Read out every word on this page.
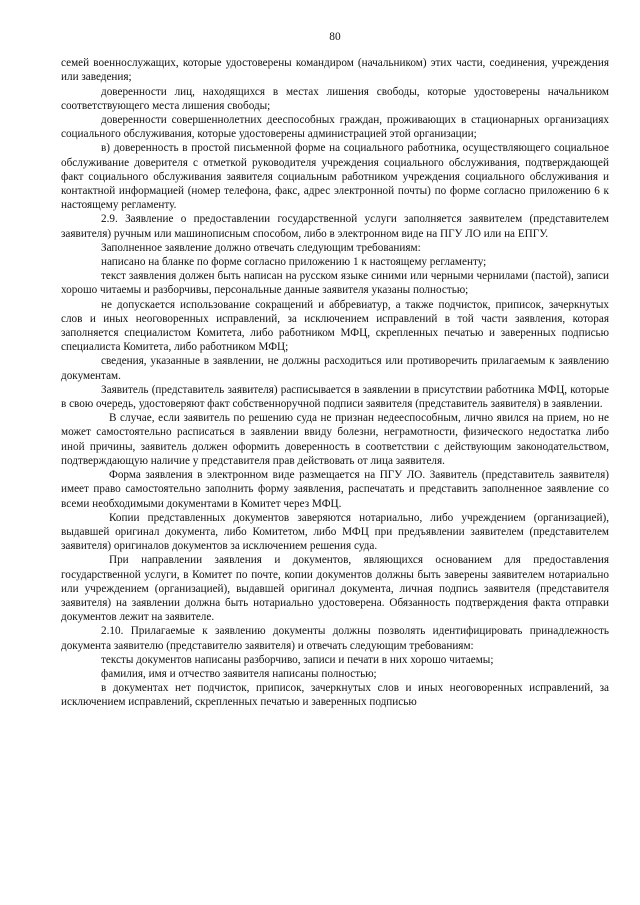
80

семей военнослужащих, которые удостоверены командиром (начальником) этих части, соединения, учреждения или заведения;

доверенности лиц, находящихся в местах лишения свободы, которые удостоверены начальником соответствующего места лишения свободы;

доверенности совершеннолетних дееспособных граждан, проживающих в стационарных организациях социального обслуживания, которые удостоверены администрацией этой организации;

в) доверенность в простой письменной форме на социального работника, осуществляющего социальное обслуживание доверителя с отметкой руководителя учреждения социального обслуживания, подтверждающей факт социального обслуживания заявителя социальным работником учреждения социального обслуживания и контактной информацией (номер телефона, факс, адрес электронной почты) по форме согласно приложению 6 к настоящему регламенту.

2.9. Заявление о предоставлении государственной услуги заполняется заявителем (представителем заявителя) ручным или машинописным способом, либо в электронном виде на ПГУ ЛО или на ЕПГУ.

Заполненное заявление должно отвечать следующим требованиям:

написано на бланке по форме согласно приложению 1 к настоящему регламенту;

текст заявления должен быть написан на русском языке синими или черными чернилами (пастой), записи хорошо читаемы и разборчивы, персональные данные заявителя указаны полностью;

не допускается использование сокращений и аббревиатур, а также подчисток, приписок, зачеркнутых слов и иных неоговоренных исправлений, за исключением исправлений в той части заявления, которая заполняется специалистом Комитета, либо работником МФЦ, скрепленных печатью и заверенных подписью специалиста Комитета, либо работником МФЦ;

сведения, указанные в заявлении, не должны расходиться или противоречить прилагаемым к заявлению документам.

Заявитель (представитель заявителя) расписывается в заявлении в присутствии работника МФЦ, которые в свою очередь, удостоверяют факт собственноручной подписи заявителя (представитель заявителя) в заявлении.

В случае, если заявитель по решению суда не признан недееспособным, лично явился на прием, но не может самостоятельно расписаться в заявлении ввиду болезни, неграмотности, физического недостатка либо иной причины, заявитель должен оформить доверенность в соответствии с действующим законодательством, подтверждающую наличие у представителя прав действовать от лица заявителя.

Форма заявления в электронном виде размещается на ПГУ ЛО. Заявитель (представитель заявителя) имеет право самостоятельно заполнить форму заявления, распечатать и представить заполненное заявление со всеми необходимыми документами в Комитет через МФЦ.

Копии представленных документов заверяются нотариально, либо учреждением (организацией), выдавшей оригинал документа, либо Комитетом, либо МФЦ при предъявлении заявителем (представителем заявителя) оригиналов документов за исключением решения суда.

При направлении заявления и документов, являющихся основанием для предоставления государственной услуги, в Комитет по почте, копии документов должны быть заверены заявителем нотариально или учреждением (организацией), выдавшей оригинал документа, личная подпись заявителя (представителя заявителя) на заявлении должна быть нотариально удостоверена. Обязанность подтверждения факта отправки документов лежит на заявителе.

2.10. Прилагаемые к заявлению документы должны позволять идентифицировать принадлежность документа заявителю (представителю заявителя) и отвечать следующим требованиям:

тексты документов написаны разборчиво, записи и печати в них хорошо читаемы;

фамилия, имя и отчество заявителя написаны полностью;

в документах нет подчисток, приписок, зачеркнутых слов и иных неоговоренных исправлений, за исключением исправлений, скрепленных печатью и заверенных подписью
